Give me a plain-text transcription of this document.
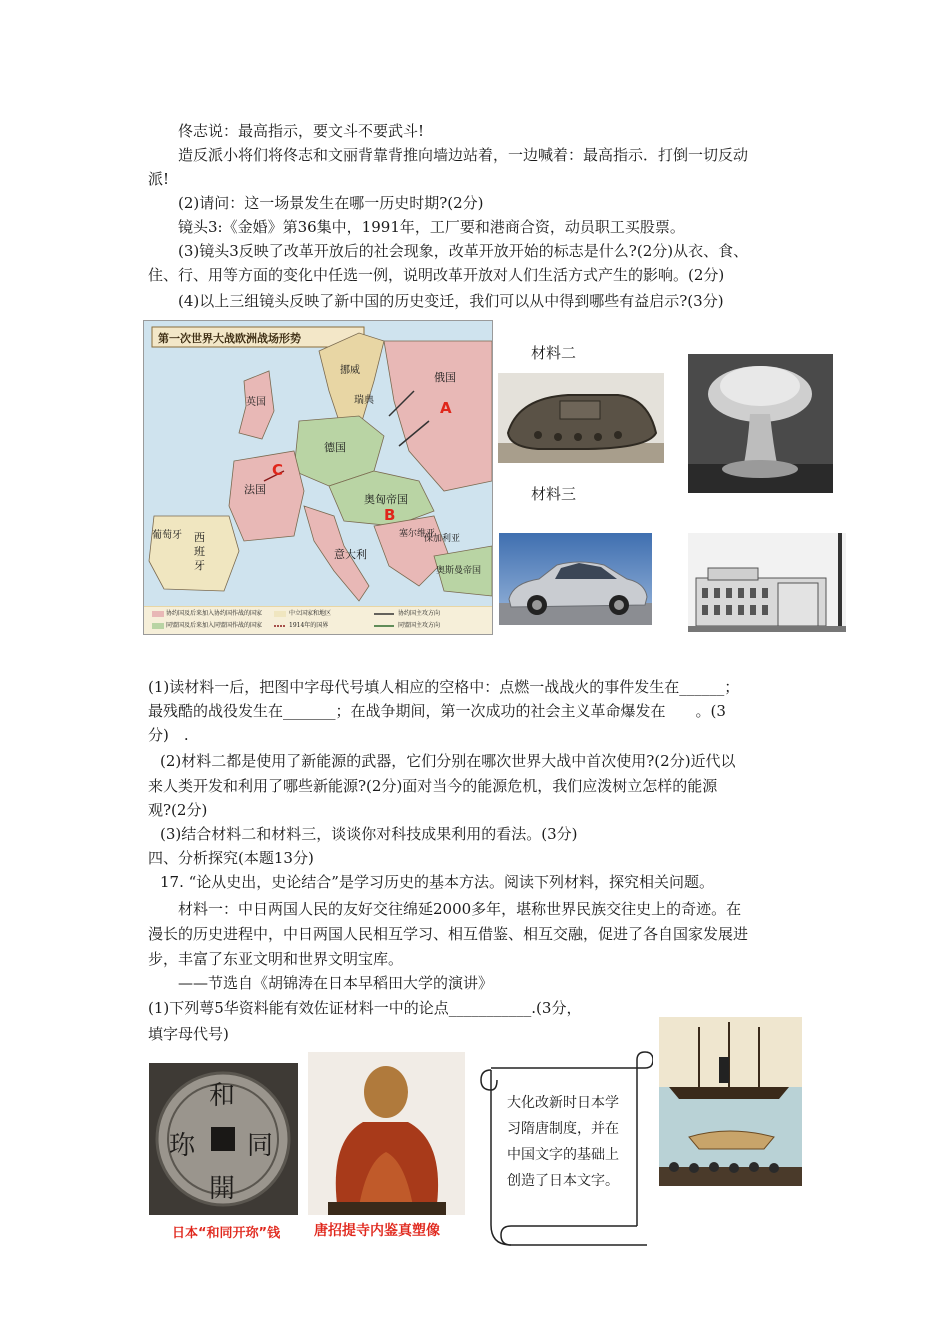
佟志说：最高指示，要文斗不要武斗!
造反派小将们将佟志和文丽背靠背推向墙边站着，一边喊着：最高指示．打倒一切反动
派!
(2)请问：这一场景发生在哪一历史时期?(2分)
镜头3:《金婚》第36集中，1991年，工厂要和港商合资，动员职工买股票。
(3)镜头3反映了改革开放后的社会现象，改革开放开始的标志是什么?(2分)从衣、食、
住、行、用等方面的变化中任选一例，说明改革开放对人们生活方式产生的影响。(2分)
(4)以上三组镜头反映了新中国的历史变迁，我们可以从中得到哪些有益启示?(3分)
第一次世界大战欧洲战场形势
A
B
C
挪威
瑞典
俄国
德国
法国
奥匈帝国
西班牙
意大利
英国
塞尔维亚
保加利亚
奥斯曼帝国
葡萄牙
协约国及后来加入协约国作战的国家
同盟国及后来加入同盟国作战的国家
中立国家和地区
1914年的国界
协约国主攻方向
同盟国主攻方向
材料二
材料三
(1)读材料一后，把图中字母代号填人相应的空格中：点燃一战战火的事件发生在______；
最残酷的战役发生在_______；在战争期间，第一次成功的社会主义革命爆发在　　。(3
分)　.
(2)材料二都是使用了新能源的武器，它们分别在哪次世界大战中首次使用?(2分)近代以
来人类开发和利用了哪些新能源?(2分)面对当今的能源危机，我们应泼树立怎样的能源
观?(2分)
(3)结合材料二和材料三，谈谈你对科技成果利用的看法。(3分)
四、分析探究(本题13分)
17. “论从史出，史论结合”是学习历史的基本方法。阅读下列材料，探究相关问题。
材料一：中日两国人民的友好交往绵延2000多年，堪称世界民族交往史上的奇迹。在
漫长的历史进程中，中日两国人民相互学习、相互借鉴、相互交融，促进了各自国家发展进
步，丰富了东亚文明和世界文明宝库。
——节选自《胡锦涛在日本早稻田大学的演讲》
(1)下列萼5华资料能有效佐证材料一中的论点___________.(3分，
填字母代号)
和
同
開
珎
日本“和同开珎”钱 唐招提寺内鉴真塑像
大化改新时日本学习隋唐制度，并在中国文字的基础上创造了日本文字。
